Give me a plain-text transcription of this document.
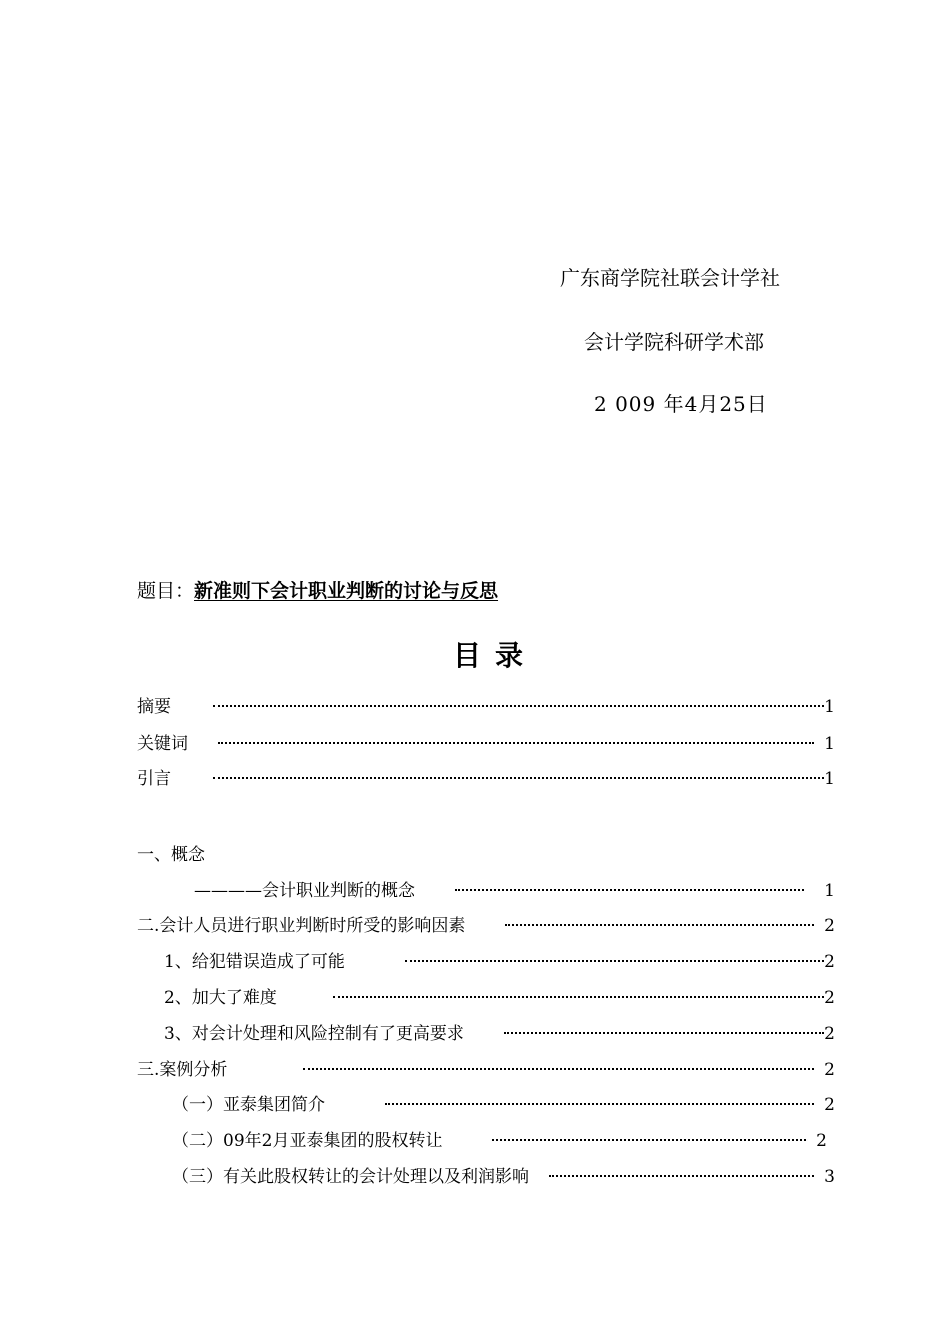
广东商学院社联会计学社
会计学院科研学术部
2 009 年4月25日
题目：新准则下会计职业判断的讨论与反思
目录
摘要	1
关键词	1
引言	1
一、概念
————会计职业判断的概念	1
二.会计人员进行职业判断时所受的影响因素	2
1、给犯错误造成了可能	2
2、加大了难度	2
3、对会计处理和风险控制有了更高要求	2
三.案例分析	2
（一）亚泰集团简介	2
（二）09年2月亚泰集团的股权转让	2
（三）有关此股权转让的会计处理以及利润影响	3
